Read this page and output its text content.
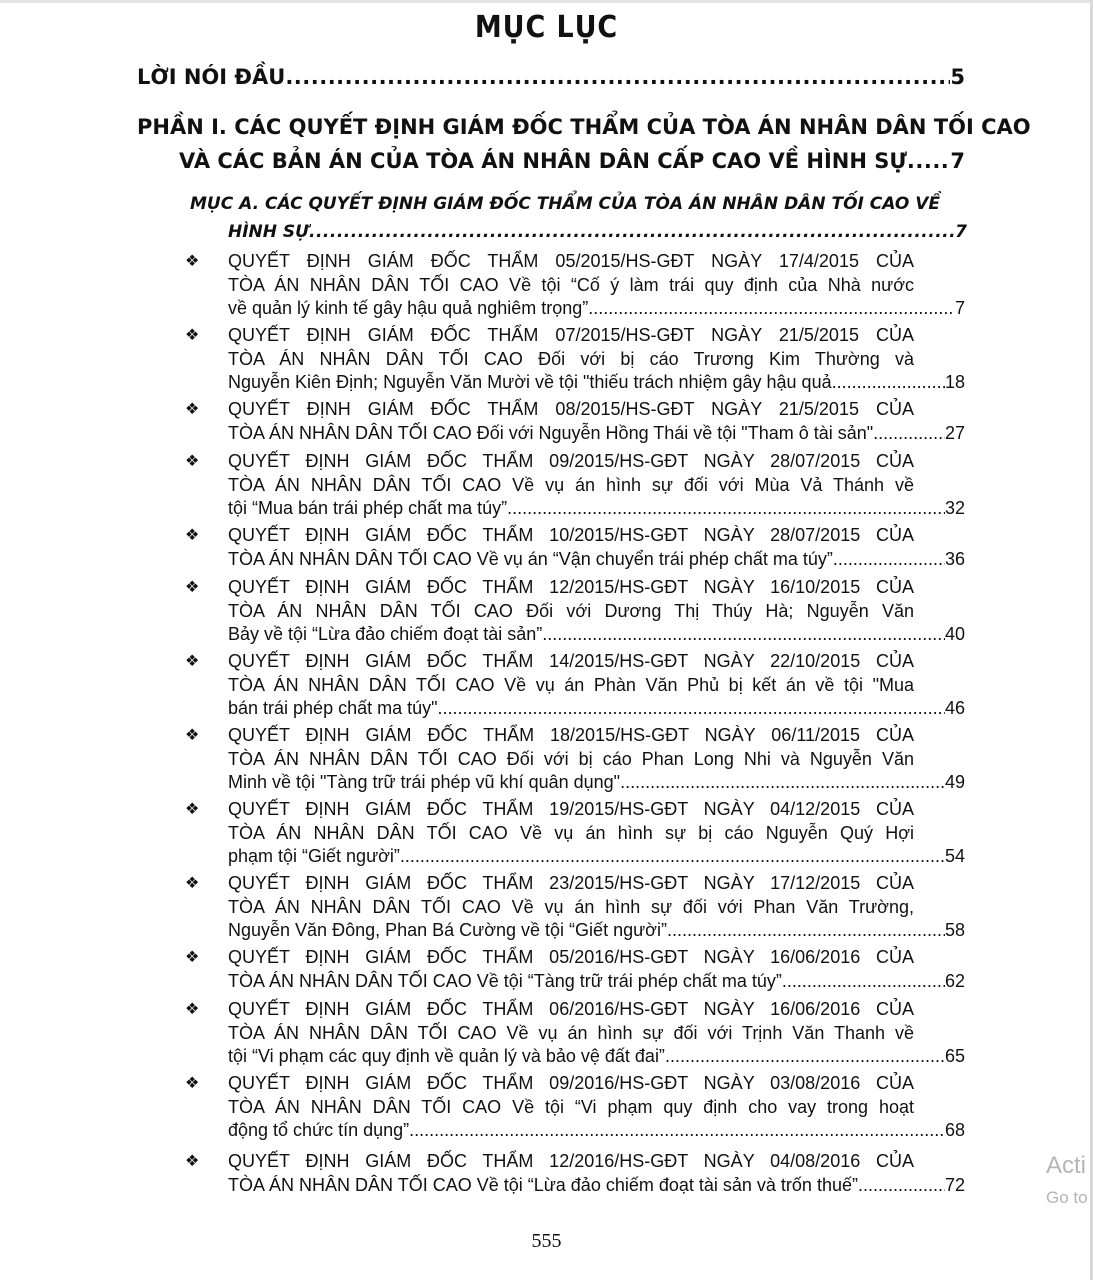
MỤC LỤC
LỜI NÓI ĐẦU .....	5
PHẦN I. CÁC QUYẾT ĐỊNH GIÁM ĐỐC THẨM CỦA TÒA ÁN NHÂN DÂN TỐI CAO
VÀ CÁC BẢN ÁN CỦA TÒA ÁN NHÂN DÂN CẤP CAO VỀ HÌNH SỰ ..... 7
MỤC A. CÁC QUYẾT ĐỊNH GIÁM ĐỐC THẨM CỦA TÒA ÁN NHÂN DÂN TỐI CAO VỀ
HÌNH SỰ .....	7
❖ QUYẾT ĐỊNH GIÁM ĐỐC THẨM 05/2015/HS-GĐT NGÀY 17/4/2015 CỦA
TÒA ÁN NHÂN DÂN TỐI CAO Về tội “Cố ý làm trái quy định của Nhà nước
về quản lý kinh tế gây hậu quả nghiêm trọng” .....	7
❖ QUYẾT ĐỊNH GIÁM ĐỐC THẨM 07/2015/HS-GĐT NGÀY 21/5/2015 CỦA
TÒA ÁN NHÂN DÂN TỐI CAO Đối với bị cáo Trương Kim Thường và
Nguyễn Kiên Định; Nguyễn Văn Mười về tội "thiếu trách nhiệm gây hậu quả .....	18
❖ QUYẾT ĐỊNH GIÁM ĐỐC THẨM 08/2015/HS-GĐT NGÀY 21/5/2015 CỦA
TÒA ÁN NHÂN DÂN TỐI CAO Đối với Nguyễn Hồng Thái về tội "Tham ô tài sản" .....	27
❖ QUYẾT ĐỊNH GIÁM ĐỐC THẨM 09/2015/HS-GĐT NGÀY 28/07/2015 CỦA
TÒA ÁN NHÂN DÂN TỐI CAO Về vụ án hình sự đối với Mùa Vả Thánh về
tội “Mua bán trái phép chất ma túy” .....	32
❖ QUYẾT ĐỊNH GIÁM ĐỐC THẨM 10/2015/HS-GĐT NGÀY 28/07/2015 CỦA
TÒA ÁN NHÂN DÂN TỐI CAO Về vụ án “Vận chuyển trái phép chất ma túy” .....	36
❖ QUYẾT ĐỊNH GIÁM ĐỐC THẨM 12/2015/HS-GĐT NGÀY 16/10/2015 CỦA
TÒA ÁN NHÂN DÂN TỐI CAO Đối với Dương Thị Thúy Hà; Nguyễn Văn
Bảy về tội “Lừa đảo chiếm đoạt tài sản” .....	40
❖ QUYẾT ĐỊNH GIÁM ĐỐC THẨM 14/2015/HS-GĐT NGÀY 22/10/2015 CỦA
TÒA ÁN NHÂN DÂN TỐI CAO Về vụ án Phàn Văn Phủ bị kết án về tội "Mua
bán trái phép chất ma túy" .....	46
❖ QUYẾT ĐỊNH GIÁM ĐỐC THẨM 18/2015/HS-GĐT NGÀY 06/11/2015 CỦA
TÒA ÁN NHÂN DÂN TỐI CAO Đối với bị cáo Phan Long Nhi và Nguyễn Văn
Minh về tội "Tàng trữ trái phép vũ khí quân dụng" .....	49
❖ QUYẾT ĐỊNH GIÁM ĐỐC THẨM 19/2015/HS-GĐT NGÀY 04/12/2015 CỦA
TÒA ÁN NHÂN DÂN TỐI CAO Về vụ án hình sự bị cáo Nguyễn Quý Hợi
phạm tội “Giết người” .....	54
❖ QUYẾT ĐỊNH GIÁM ĐỐC THẨM 23/2015/HS-GĐT NGÀY 17/12/2015 CỦA
TÒA ÁN NHÂN DÂN TỐI CAO Về vụ án hình sự đối với Phan Văn Trường,
Nguyễn Văn Đông, Phan Bá Cường về tội “Giết người” .....	58
❖ QUYẾT ĐỊNH GIÁM ĐỐC THẨM 05/2016/HS-GĐT NGÀY 16/06/2016 CỦA
TÒA ÁN NHÂN DÂN TỐI CAO Về tội “Tàng trữ trái phép chất ma túy” .....	62
❖ QUYẾT ĐỊNH GIÁM ĐỐC THẨM 06/2016/HS-GĐT NGÀY 16/06/2016 CỦA
TÒA ÁN NHÂN DÂN TỐI CAO Về vụ án hình sự đối với Trịnh Văn Thanh về
tội “Vi phạm các quy định về quản lý và bảo vệ đất đai” .....	65
❖ QUYẾT ĐỊNH GIÁM ĐỐC THẨM 09/2016/HS-GĐT NGÀY 03/08/2016 CỦA
TÒA ÁN NHÂN DÂN TỐI CAO Về tội “Vi phạm quy định cho vay trong hoạt
động tổ chức tín dụng” .....	68
❖ QUYẾT ĐỊNH GIÁM ĐỐC THẨM 12/2016/HS-GĐT NGÀY 04/08/2016 CỦA
TÒA ÁN NHÂN DÂN TỐI CAO Về tội “Lừa đảo chiếm đoạt tài sản và trốn thuế” .....	72
555
Acti
Go to
